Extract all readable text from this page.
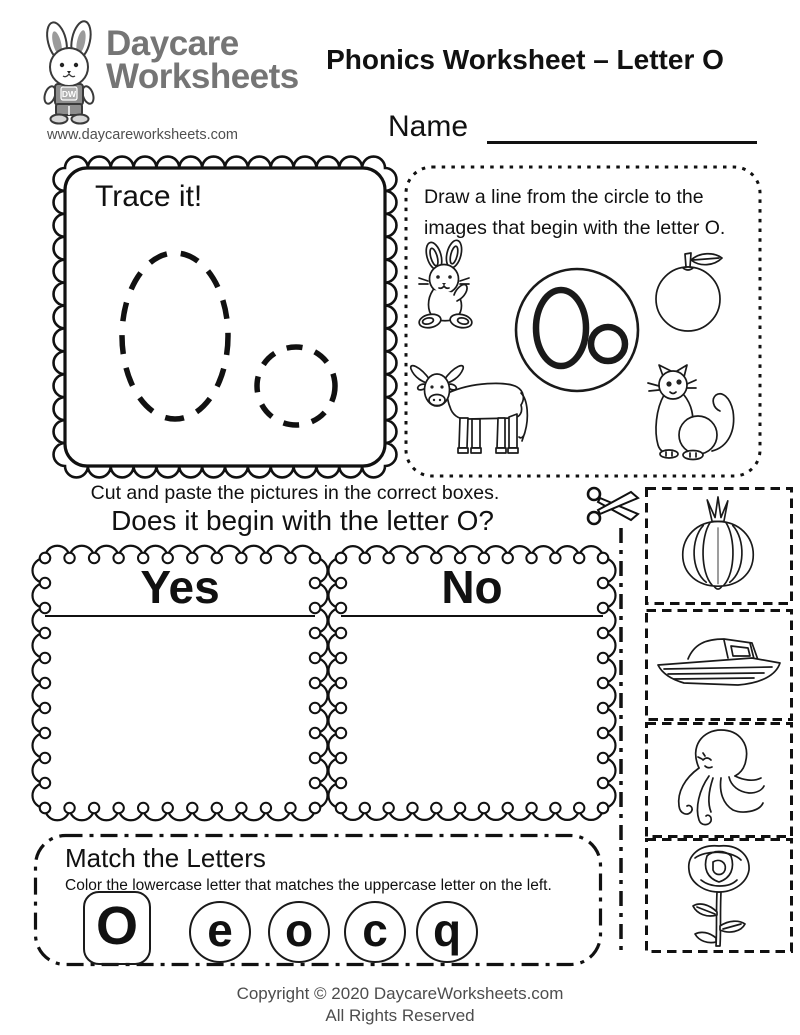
DW
Daycare
Worksheets
www.daycareworksheets.com
Phonics Worksheet – Letter O
Name
Trace it!	Draw a line from the circle to the
images that begin with the letter O.
Cut and paste the pictures in the correct boxes.
Does it begin with the letter O?
Yes	No
Match the Letters
Color the lowercase letter that matches the uppercase letter on the left.
O	e	o	c q
Copyright © 2020 DaycareWorksheets.com
All Rights Reserved
